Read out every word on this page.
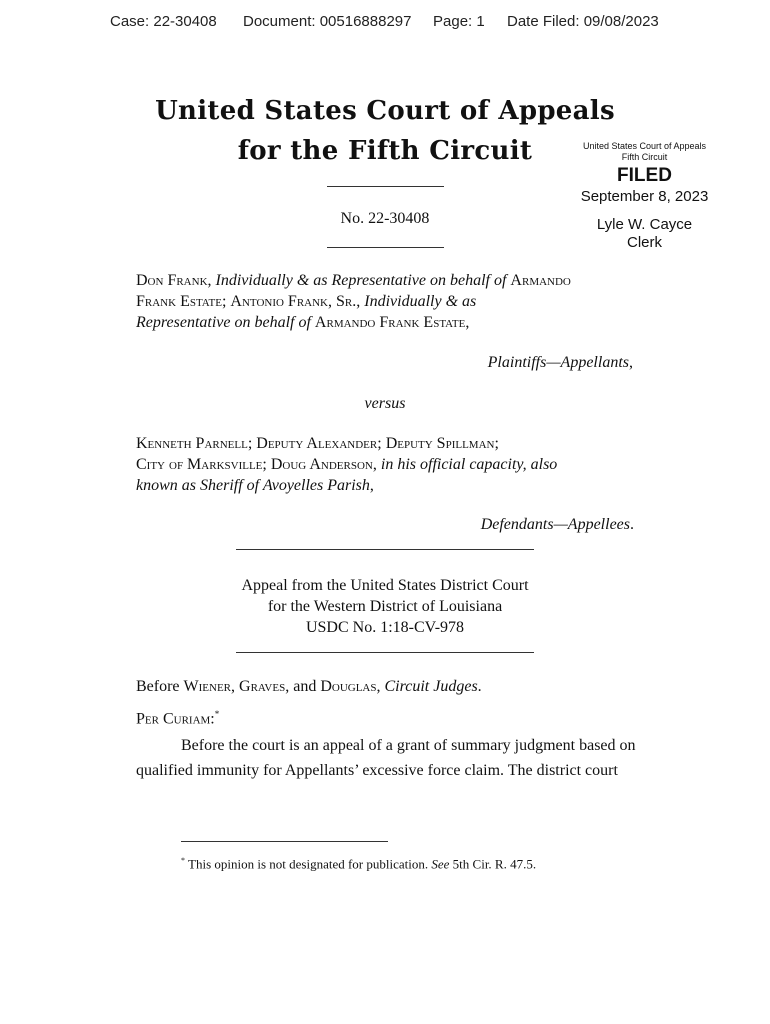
Case: 22-30408 Document: 00516888297 Page: 1 Date Filed: 09/08/2023
United States Court of Appeals
for the Fifth Circuit	United States Court of Appeals
Fifth Circuit
FILED
September 8, 2023
Lyle W. Cayce
Clerk
No. 22-30408
Don Frank, Individually & as Representative on behalf of Armando
Frank Estate; Antonio Frank, Sr., Individually & as
Representative on behalf of Armando Frank Estate,
Plaintiffs—Appellants,
versus
Kenneth Parnell; Deputy Alexander; Deputy Spillman;
City of Marksville; Doug Anderson, in his official capacity, also
known as Sheriff of Avoyelles Parish,
Defendants—Appellees.
Appeal from the United States District Court
for the Western District of Louisiana
USDC No. 1:18-CV-978
Before Wiener, Graves, and Douglas, Circuit Judges.
Per Curiam:*
Before the court is an appeal of a grant of summary judgment based on
qualified immunity for Appellants’ excessive force claim. The district court
* This opinion is not designated for publication. See 5th Cir. R. 47.5.
